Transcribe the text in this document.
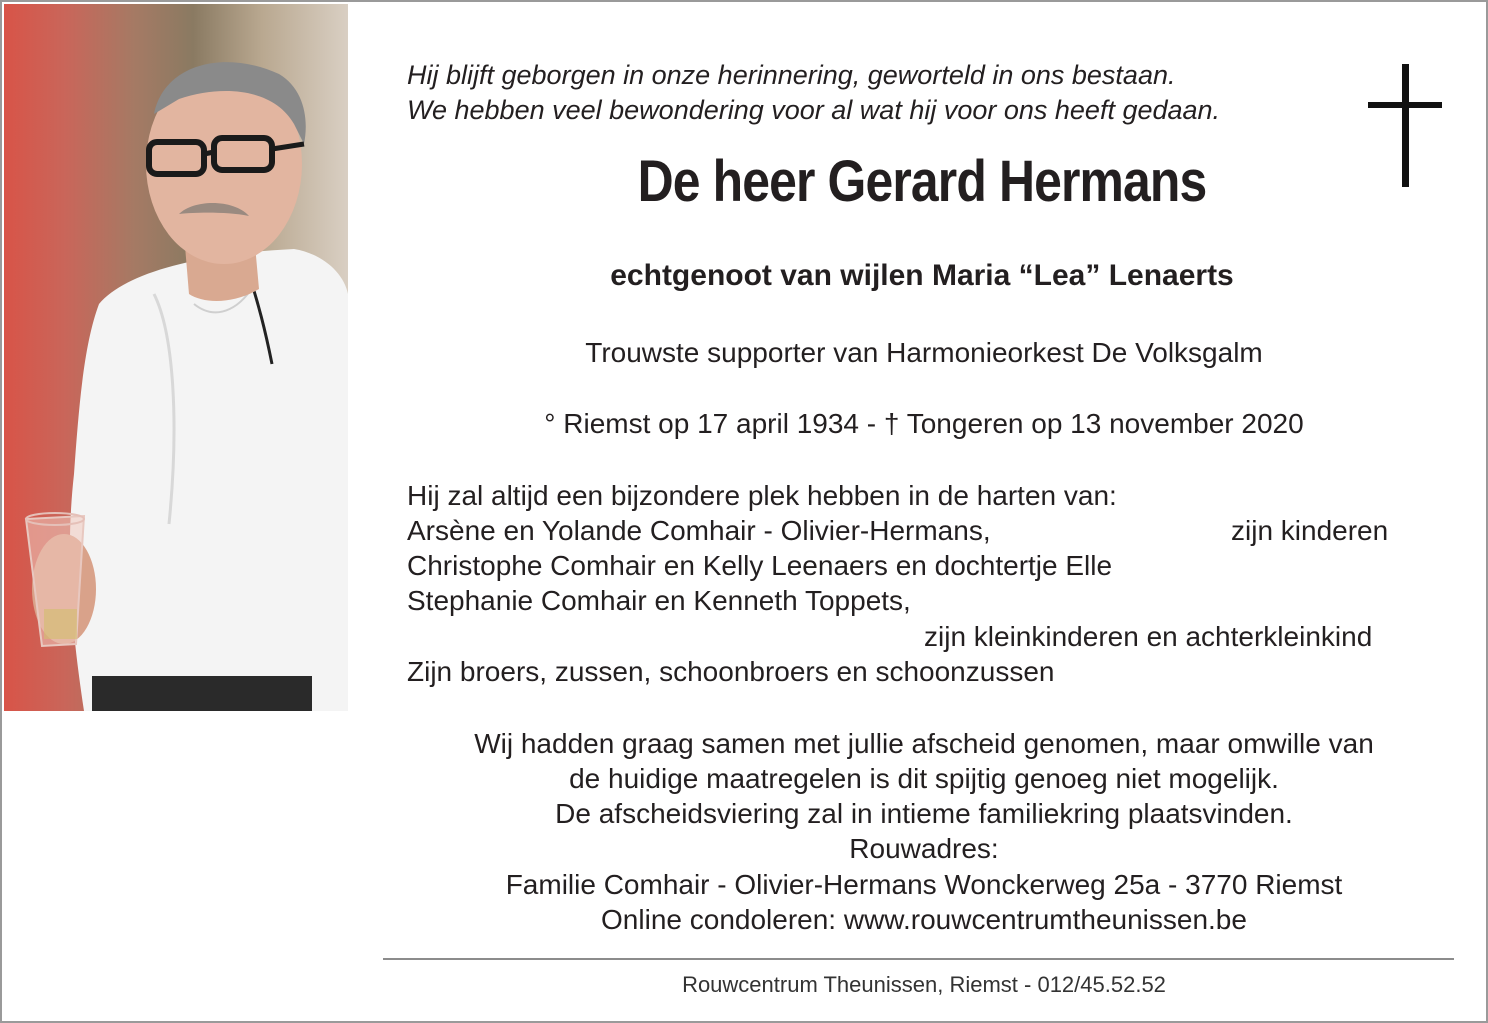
Hij blijft geborgen in onze herinnering, geworteld in ons bestaan.
We hebben veel bewondering voor al wat hij voor ons heeft gedaan.
De heer Gerard Hermans
echtgenoot van wijlen Maria “Lea” Lenaerts
Trouwste supporter van Harmonieorkest De Volksgalm
° Riemst op 17 april 1934 - † Tongeren op 13 november 2020
Hij zal altijd een bijzondere plek hebben in de harten van:
Arsène en Yolande Comhair - Olivier-Hermans,	zijn kinderen
Christophe Comhair en Kelly Leenaers en dochtertje Elle
Stephanie Comhair en Kenneth Toppets,
zijn kleinkinderen en achterkleinkind
Zijn broers, zussen, schoonbroers en schoonzussen
Wij hadden graag samen met jullie afscheid genomen, maar omwille van
de huidige maatregelen is dit spijtig genoeg niet mogelijk.
De afscheidsviering zal in intieme familiekring plaatsvinden.
Rouwadres:
Familie Comhair - Olivier-Hermans Wonckerweg 25a - 3770 Riemst
Online condoleren: www.rouwcentrumtheunissen.be
Rouwcentrum Theunissen, Riemst - 012/45.52.52
